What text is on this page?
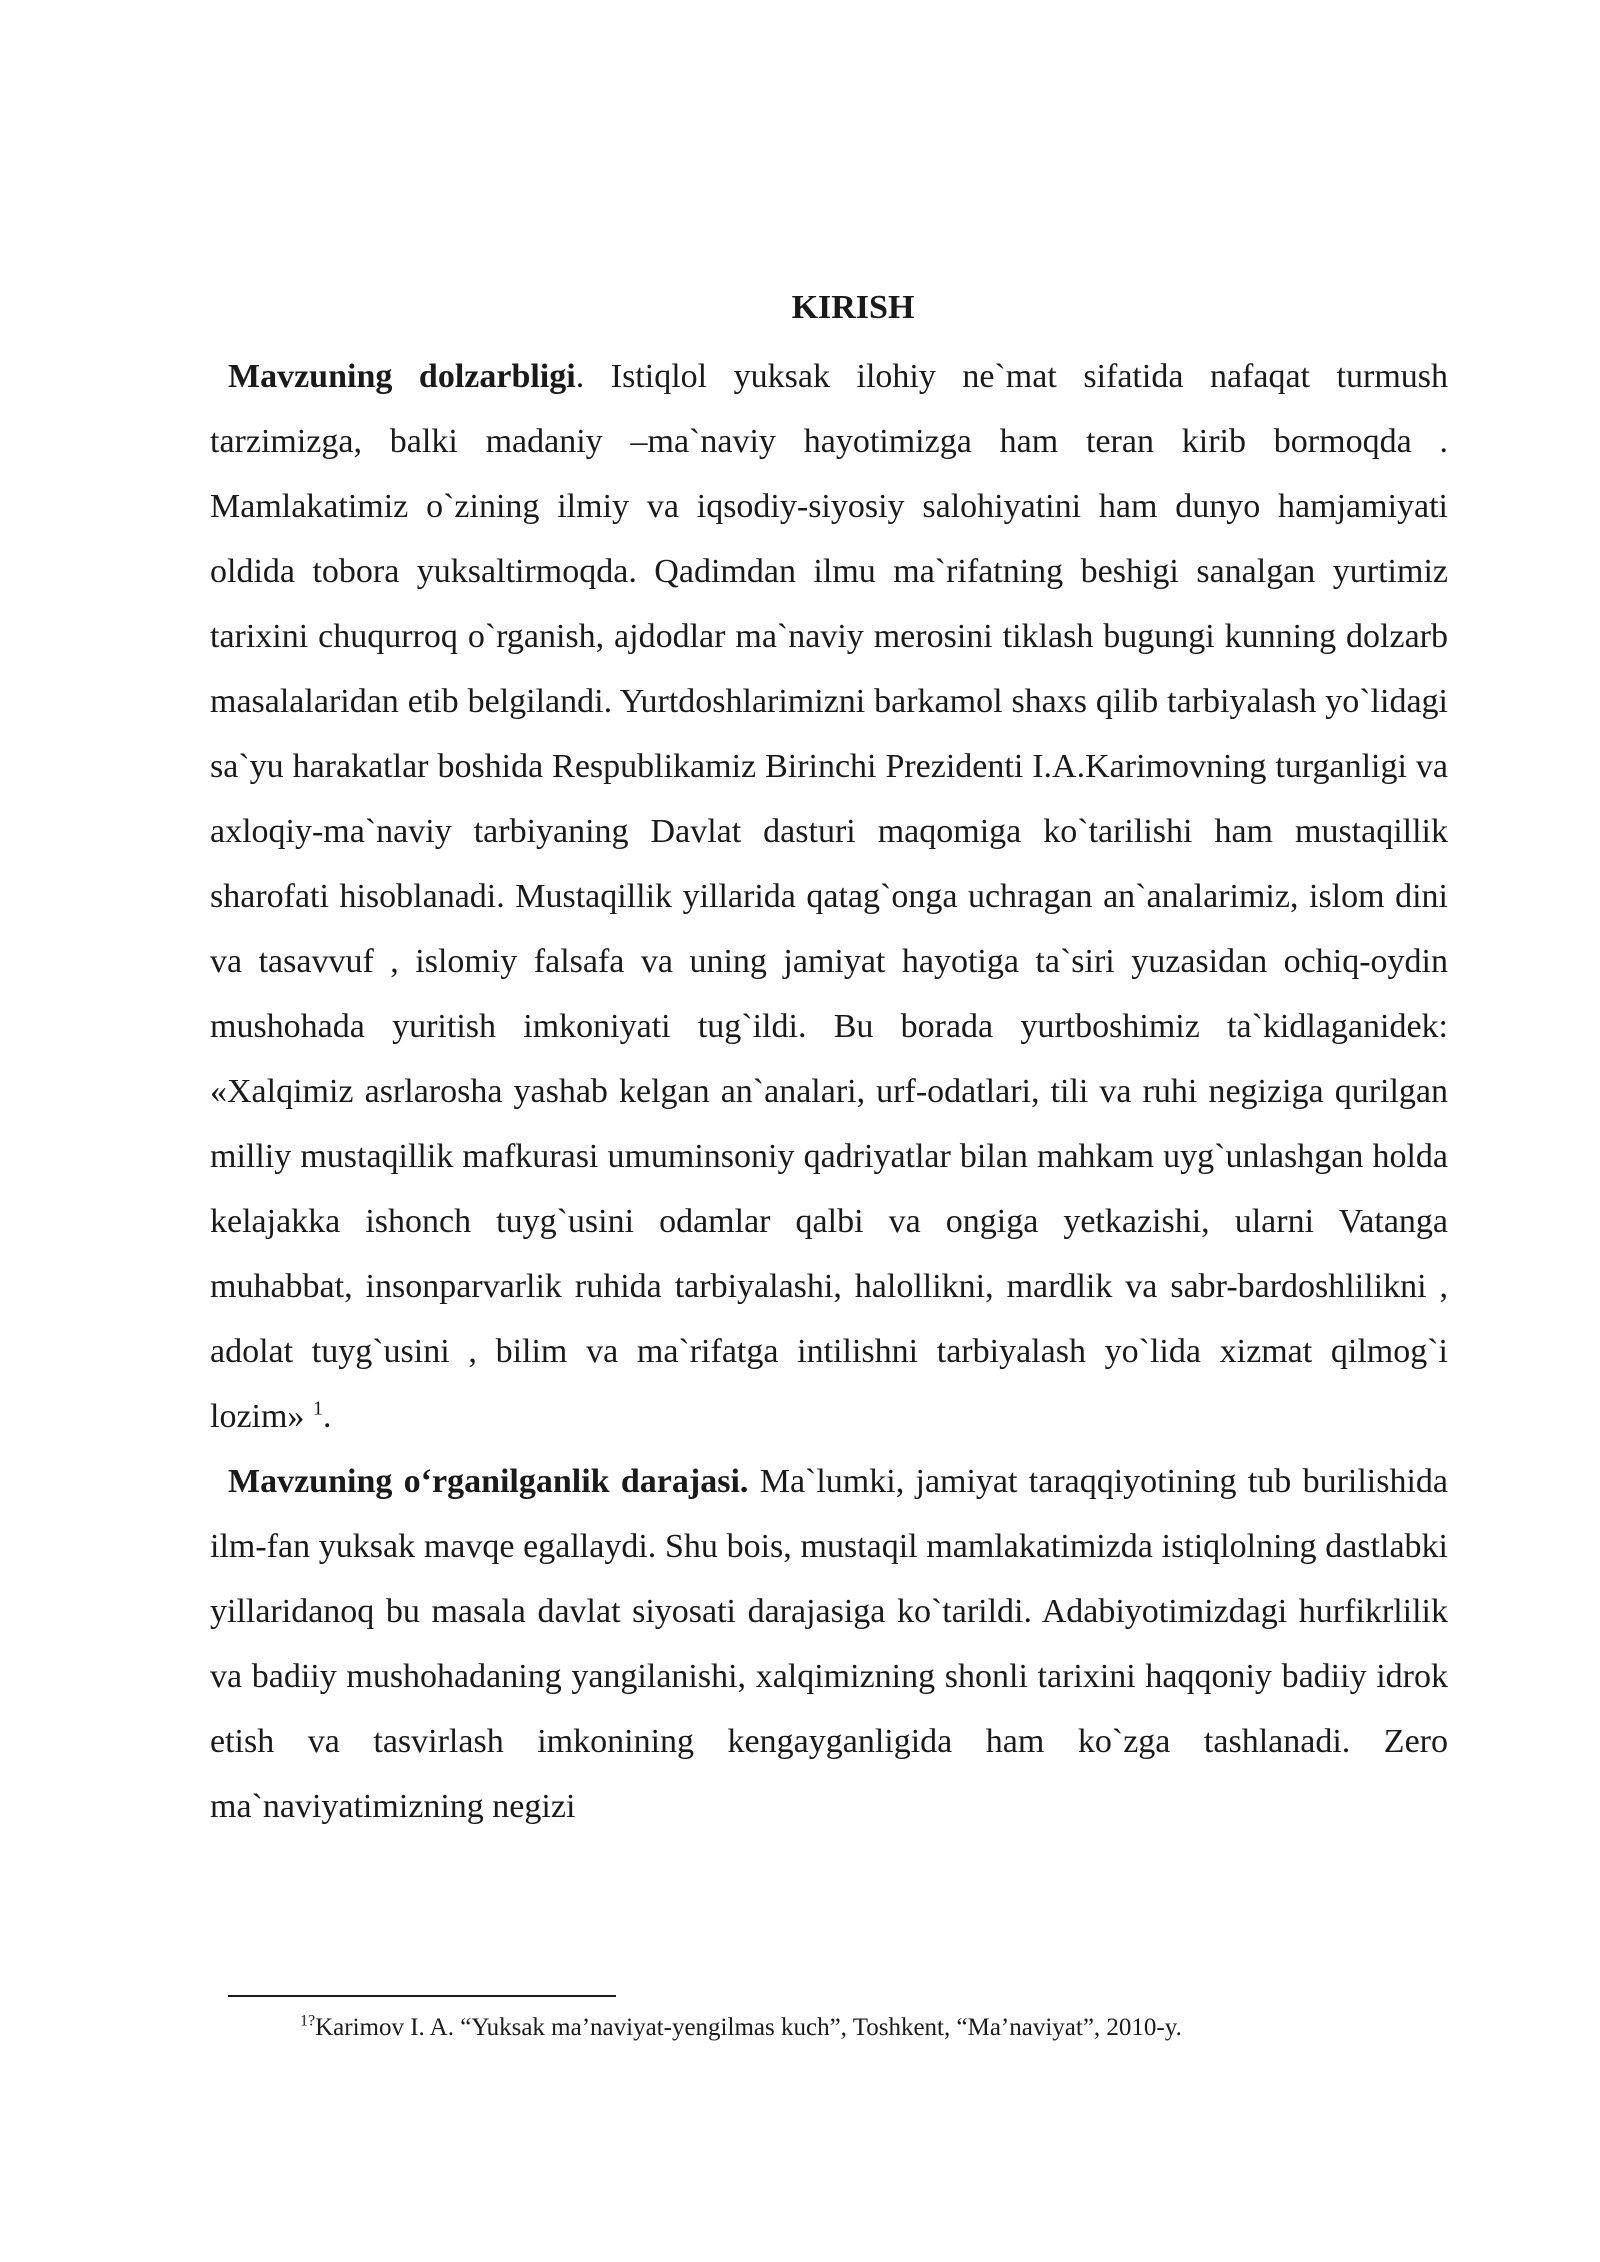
KIRISH

Mavzuning dolzarbligi. Istiqlol yuksak ilohiy ne`mat sifatida nafaqat turmush tarzimizga, balki madaniy –ma`naviy hayotimizga ham teran kirib bormoqda . Mamlakatimiz o`zining ilmiy va iqsodiy-siyosiy salohiyatini ham dunyo hamjamiyati oldida tobora yuksaltirmoqda. Qadimdan ilmu ma`rifatning beshigi sanalgan yurtimiz tarixini chuqurroq o`rganish, ajdodlar ma`naviy merosini tiklash bugungi kunning dolzarb masalalaridan etib belgilandi. Yurtdoshlarimizni barkamol shaxs qilib tarbiyalash yo`lidagi sa`yu harakatlar boshida Respublikamiz Birinchi Prezidenti I.A.Karimovning turganligi va axloqiy-ma`naviy tarbiyaning Davlat dasturi maqomiga ko`tarilishi ham mustaqillik sharofati hisoblanadi. Mustaqillik yillarida qatag`onga uchragan an`analarimiz, islom dini va tasavvuf , islomiy falsafa va uning jamiyat hayotiga ta`siri yuzasidan ochiq-oydin mushohada yuritish imkoniyati tug`ildi. Bu borada yurtboshimiz ta`kidlaganidek: «Xalqimiz asrlarosha yashab kelgan an`analari, urf-odatlari, tili va ruhi negiziga qurilgan milliy mustaqillik mafkurasi umuminsoniy qadriyatlar bilan mahkam uyg`unlashgan holda kelajakka ishonch tuyg`usini odamlar qalbi va ongiga yetkazishi, ularni Vatanga muhabbat, insonparvarlik ruhida tarbiyalashi, halollikni, mardlik va sabr-bardoshlilikni , adolat tuyg`usini , bilim va ma`rifatga intilishni tarbiyalash yo`lida xizmat qilmog`i lozim» $^1$.

Mavzuning o‘rganilganlik darajasi. Ma`lumki, jamiyat taraqqiyotining tub burilishida ilm-fan yuksak mavqe egallaydi. Shu bois, mustaqil mamlakatimizda istiqlolning dastlabki yillaridanoq bu masala davlat siyosati darajasiga ko`tarildi. Adabiyotimizdagi hurfikrlilik va badiiy mushohadaning yangilanishi, xalqimizning shonli tarixini haqqoniy badiiy idrok etish va tasvirlash imkonining kengayganligida ham ko`zga tashlanadi. Zero ma`naviyatimizning negizi

$^{1?}$Karimov I. A. “Yuksak ma’naviyat-yengilmas kuch”, Toshkent, “Ma’naviyat”, 2010-y.
